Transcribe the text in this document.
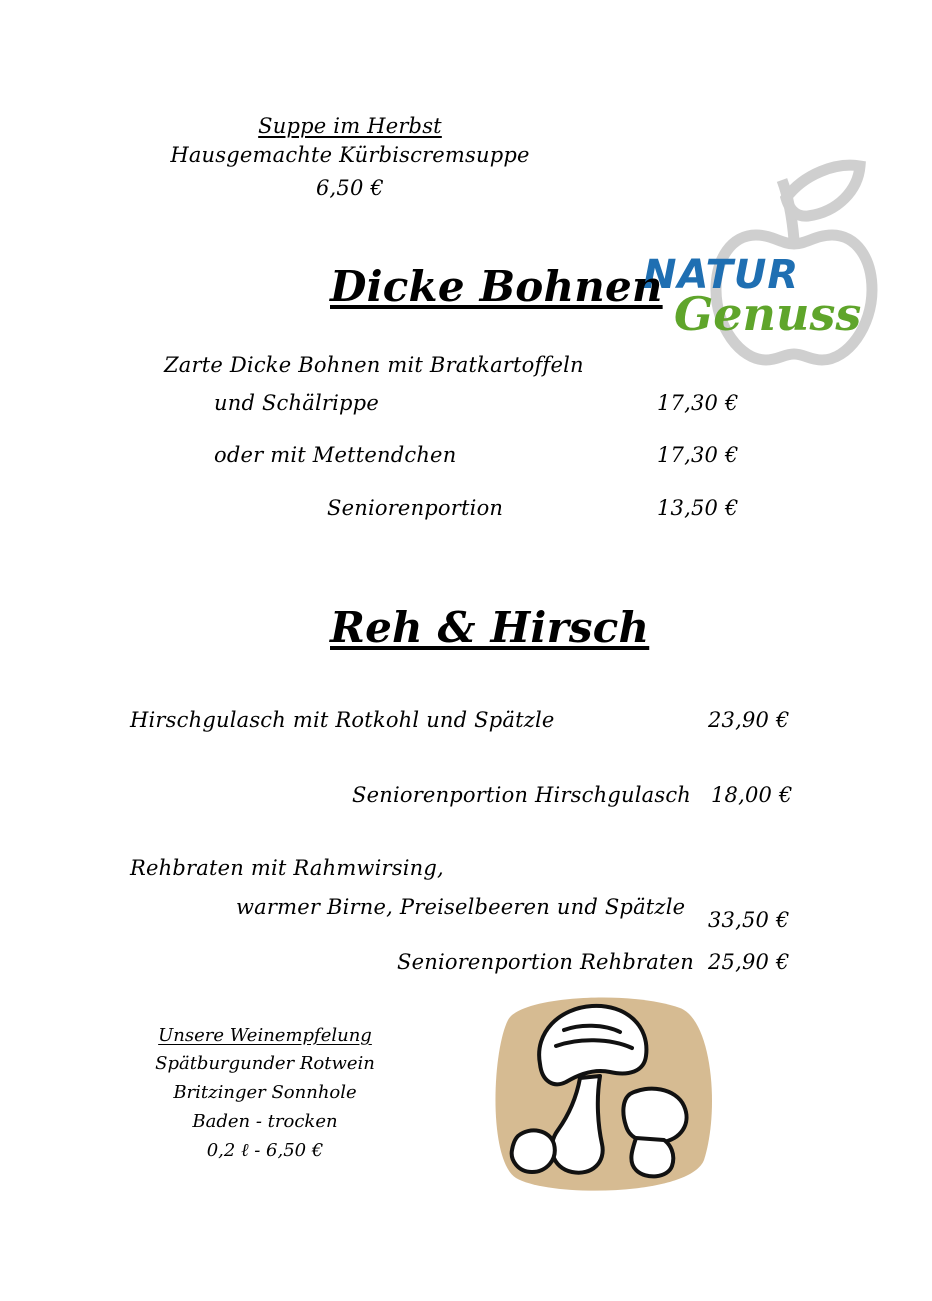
Suppe im Herbst
Hausgemachte Kürbiscremsuppe
6,50 €
NATUR
Genuss
Dicke Bohnen
Zarte Dicke Bohnen mit Bratkartoffeln
und Schälrippe	17,30 €
oder mit Mettendchen	17,30 €
Seniorenportion	13,50 €
Reh & Hirsch
Hirschgulasch mit Rotkohl und Spätzle	23,90 €
Seniorenportion Hirschgulasch 18,00 €
Rehbraten mit Rahmwirsing,
warmer Birne, Preiselbeeren und Spätzle
33,50 €
Seniorenportion Rehbraten 25,90 €
Unsere Weinempfelung
Spätburgunder Rotwein
Britzinger Sonnhole
Baden - trocken
0,2 ℓ - 6,50 €
